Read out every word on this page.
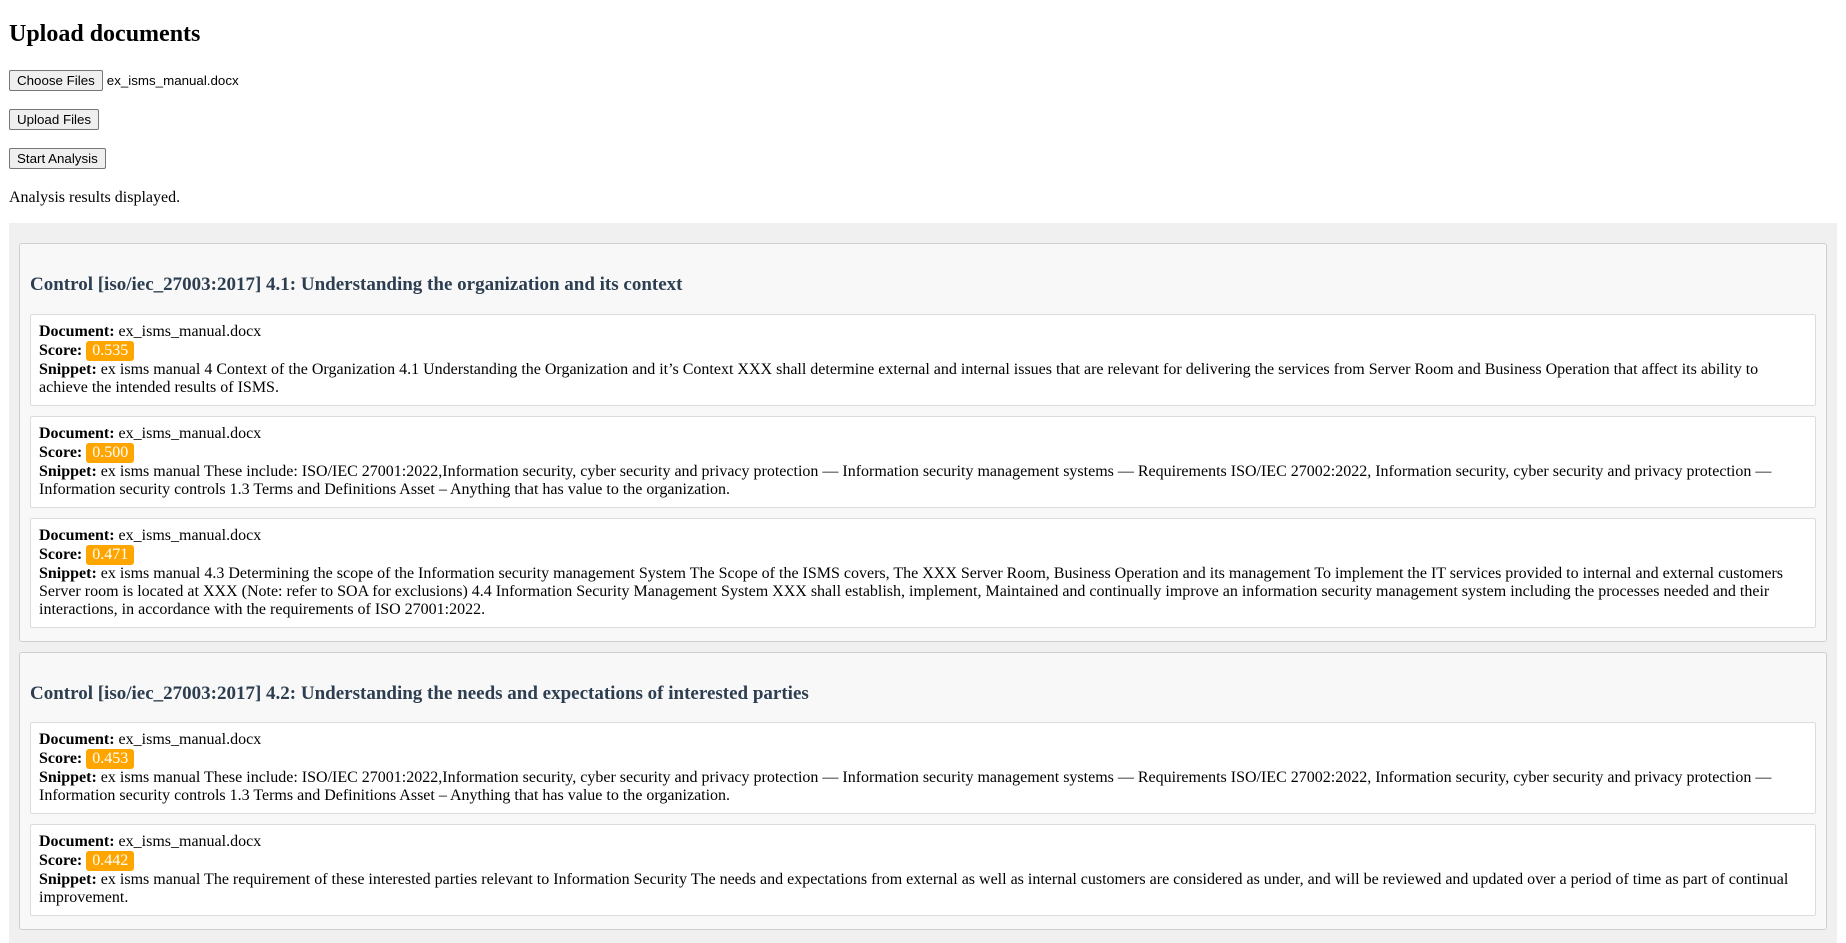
Upload documents
Choose Files ex_isms_manual.docx
Upload Files
Start Analysis
Analysis results displayed.
Control [iso/iec_27003:2017] 4.1: Understanding the organization and its context
Document: ex_isms_manual.docx
Score: 0.535
Snippet: ex isms manual 4 Context of the Organization 4.1 Understanding the Organization and it’s Context XXX shall determine external and internal issues that are relevant for delivering the services from Server Room and Business Operation that affect its ability to achieve the intended results of ISMS.
Document: ex_isms_manual.docx
Score: 0.500
Snippet: ex isms manual These include: ISO/IEC 27001:2022,Information security, cyber security and privacy protection — Information security management systems — Requirements ISO/IEC 27002:2022, Information security, cyber security and privacy protection — Information security controls 1.3 Terms and Definitions Asset – Anything that has value to the organization.
Document: ex_isms_manual.docx
Score: 0.471
Snippet: ex isms manual 4.3 Determining the scope of the Information security management System The Scope of the ISMS covers, The XXX Server Room, Business Operation and its management To implement the IT services provided to internal and external customers Server room is located at XXX (Note: refer to SOA for exclusions) 4.4 Information Security Management System XXX shall establish, implement, Maintained and continually improve an information security management system including the processes needed and their interactions, in accordance with the requirements of ISO 27001:2022.
Control [iso/iec_27003:2017] 4.2: Understanding the needs and expectations of interested parties
Document: ex_isms_manual.docx
Score: 0.453
Snippet: ex isms manual These include: ISO/IEC 27001:2022,Information security, cyber security and privacy protection — Information security management systems — Requirements ISO/IEC 27002:2022, Information security, cyber security and privacy protection — Information security controls 1.3 Terms and Definitions Asset – Anything that has value to the organization.
Document: ex_isms_manual.docx
Score: 0.442
Snippet: ex isms manual The requirement of these interested parties relevant to Information Security The needs and expectations from external as well as internal customers are considered as under, and will be reviewed and updated over a period of time as part of continual improvement.
